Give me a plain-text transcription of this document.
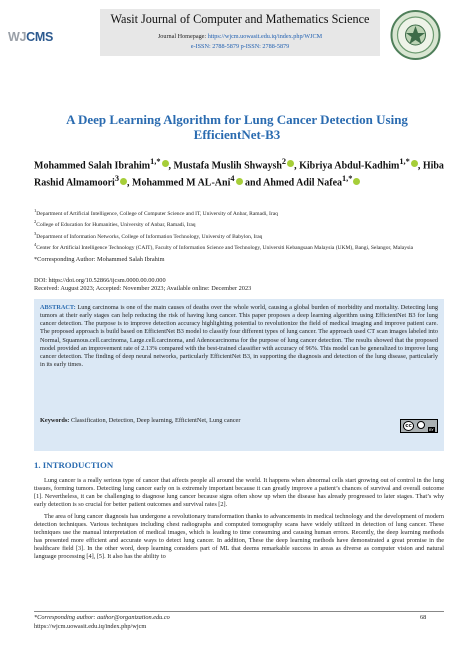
WJCMS
Wasit Journal of Computer and Mathematics Science
Journal Homepage: https://wjcm.uowasit.edu.iq/index.php/WJCM
e-ISSN: 2788-5879 p-ISSN: 2788-5879
A Deep Learning Algorithm for Lung Cancer Detection Using EfficientNet-B3
Mohammed Salah Ibrahim$^{1,*}$ , Mustafa Muslih Shwaysh$^2$ , Kibriya Abdul-Kadhim$^{1,*}$ , Hiba Rashid Almamoori$^3$ , Mohammed M AL-Ani$^4$ and Ahmed Adil Nafea$^{1,*}$
$^1$Department of Artificial Intelligence, College of Computer Science and IT, University of Anbar, Ramadi, Iraq
$^2$College of Education for Humanities, University of Anbar, Ramadi, Iraq
$^3$Department of Information Networks, College of Information Technology, University of Babylon, Iraq
$^4$Center for Artificial Intelligence Technology (CAIT), Faculty of Information Science and Technology, Universiti Kebangsaan Malaysia (UKM), Bangi, Selangor, Malaysia
*Corresponding Author: Mohammed Salah Ibrahim
DOI: https://doi.org/10.52866/ijcsm.0000.00.00.000
Received: August 2023; Accepted: November 2023; Available online: December 2023
ABSTRACT: Lung carcinoma is one of the main causes of deaths over the whole world, causing a global burden of morbidity and mortality. Detecting lung tumors at their early stages can help reducing the risk of having lung cancer. This paper proposes a deep learning algorithm using EfficientNet B3 for lung cancer detection. The purpose is to improve detection accuracy highlighting potential to revolutionize the field of medical imaging and improve patient care. The proposed approach is build based on EfficientNet B3 model to classify four different types of lung cancer. The approach used CT scan images labeled into Normal, Squamous.cell.carcinoma, Large.cell.carcinoma, and Adenocarcinoma for the purpose of lung cancer detection. The results showed that the proposed model provided an improvement rate of 2.13% compared with the best-trained classifier with accuracy of 96%. This model can be generalized to improve lung cancer detection. The finding of deep neural networks, particularly EfficientNet B3, in supporting the diagnosis and detection of the lung disease, particularly in its early times.
Keywords: Classification, Detection, Deep learning, EfficientNet, Lung cancer
cc
BY
1. INTRODUCTION

Lung cancer is a really serious type of cancer that affects people all around the world. It happens when abnormal cells start growing out of control in the lung tissues, forming tumors. Detecting lung cancer early on is extremely important because it can greatly improve a patient’s chances of survival and overall outcome [1]. Nevertheless, it can be challenging to diagnose lung cancer because signs often show up when the disease has already progressed to later stages. That’s why early detection is so crucial for better patient outcomes and survival rates [2].

The area of lung cancer diagnosis has undergone a revolutionary transformation thanks to advancements in medical technology and the development of modern detection techniques. Various techniques including chest radiographs and computed tomography scans have widely utilized in detection of lung cancer. These techniques use the manual interpretation of medical images, which is leading to time consuming and causing human errors. Recently, the deep learning methods has presented more efficient and accurate ways to detect lung cancer. In addition, These the deep learning methods have demonstrated a great promise in the healthcare field [3]. In the other word, deep learning considers part of ML that deems remarkable success in areas as diverse as computer vision and natural language processing [4], [5]. It also has the ability to

*Corresponding author: author@organization.edu.co
https://wjcm.uowasit.edu.iq/index.php/wjcm
68
